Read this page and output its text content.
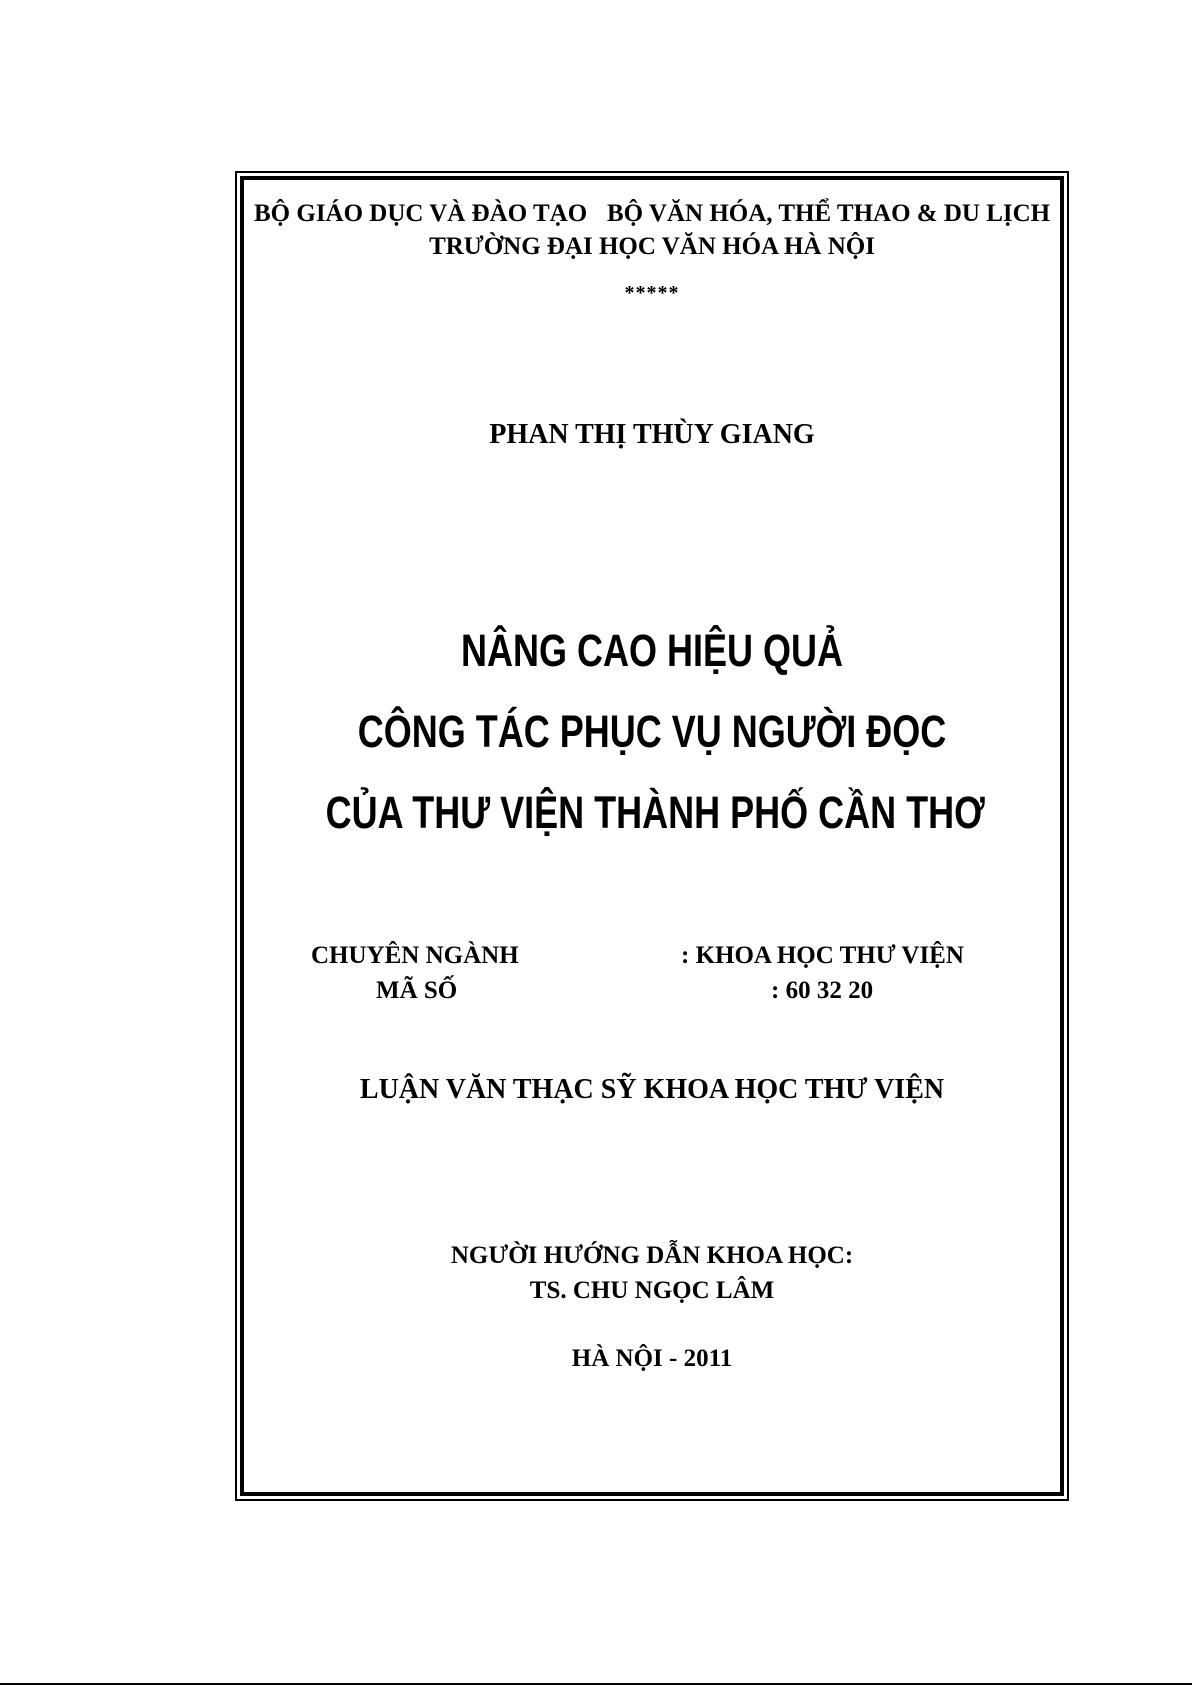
BỘ GIÁO DỤC VÀ ĐÀO TẠO BỘ VĂN HÓA, THỂ THAO & DU LỊCH
TRƯỜNG ĐẠI HỌC VĂN HÓA HÀ NỘI
*****
PHAN THỊ THÙY GIANG
NÂNG CAO HIỆU QUẢ
CÔNG TÁC PHỤC VỤ NGƯỜI ĐỌC
CỦA THƯ VIỆN THÀNH PHỐ CẦN THƠ
CHUYÊN NGÀNH	: KHOA HỌC THƯ VIỆN
MÃ SỐ	: 60 32 20
LUẬN VĂN THẠC SỸ KHOA HỌC THƯ VIỆN
NGƯỜI HƯỚNG DẪN KHOA HỌC:
TS. CHU NGỌC LÂM
HÀ NỘI - 2011
